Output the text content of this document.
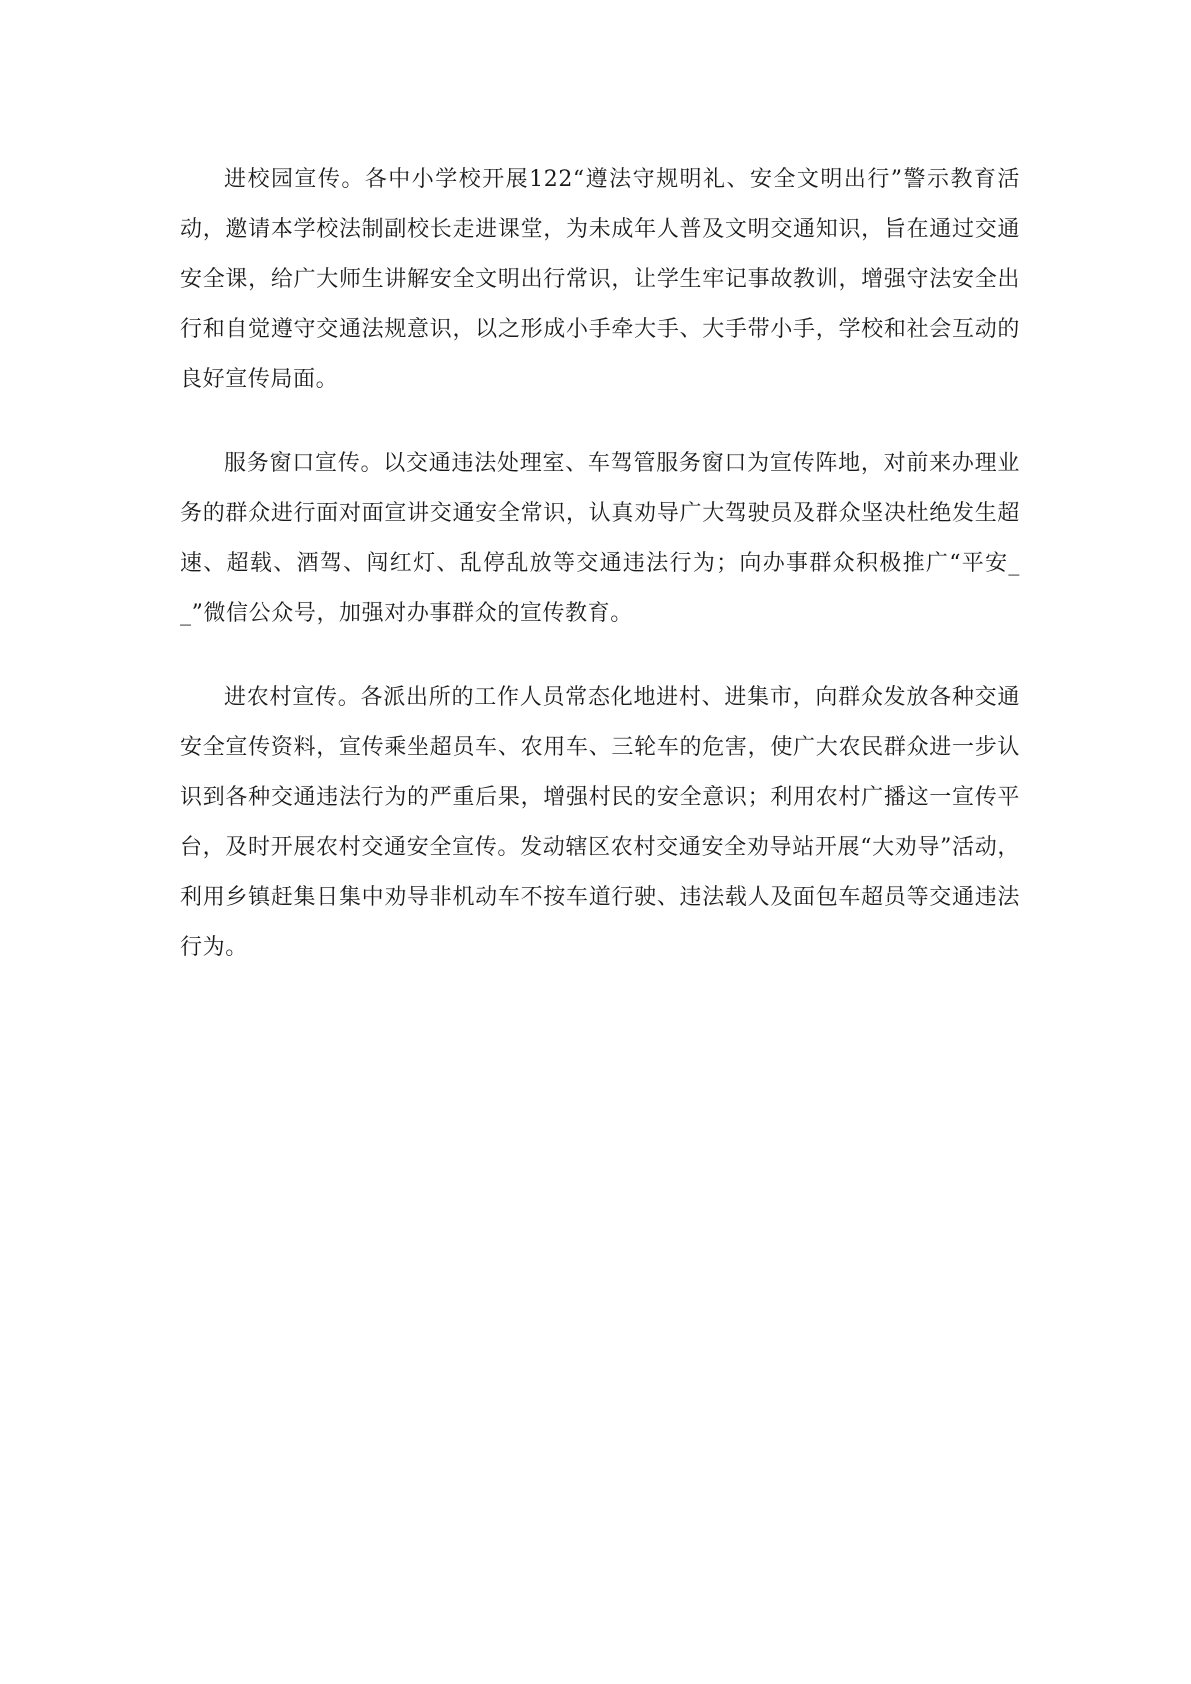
进校园宣传。各中小学校开展122“遵法守规明礼、安全文明出行”警示教育活动，邀请本学校法制副校长走进课堂，为未成年人普及文明交通知识，旨在通过交通安全课，给广大师生讲解安全文明出行常识，让学生牢记事故教训，增强守法安全出行和自觉遵守交通法规意识，以之形成小手牵大手、大手带小手，学校和社会互动的良好宣传局面。

服务窗口宣传。以交通违法处理室、车驾管服务窗口为宣传阵地，对前来办理业务的群众进行面对面宣讲交通安全常识，认真劝导广大驾驶员及群众坚决杜绝发生超速、超载、酒驾、闯红灯、乱停乱放等交通违法行为；向办事群众积极推广“平安__”微信公众号，加强对办事群众的宣传教育。

进农村宣传。各派出所的工作人员常态化地进村、进集市，向群众发放各种交通安全宣传资料，宣传乘坐超员车、农用车、三轮车的危害，使广大农民群众进一步认识到各种交通违法行为的严重后果，增强村民的安全意识；利用农村广播这一宣传平台，及时开展农村交通安全宣传。发动辖区农村交通安全劝导站开展“大劝导”活动，利用乡镇赶集日集中劝导非机动车不按车道行驶、违法载人及面包车超员等交通违法行为。
